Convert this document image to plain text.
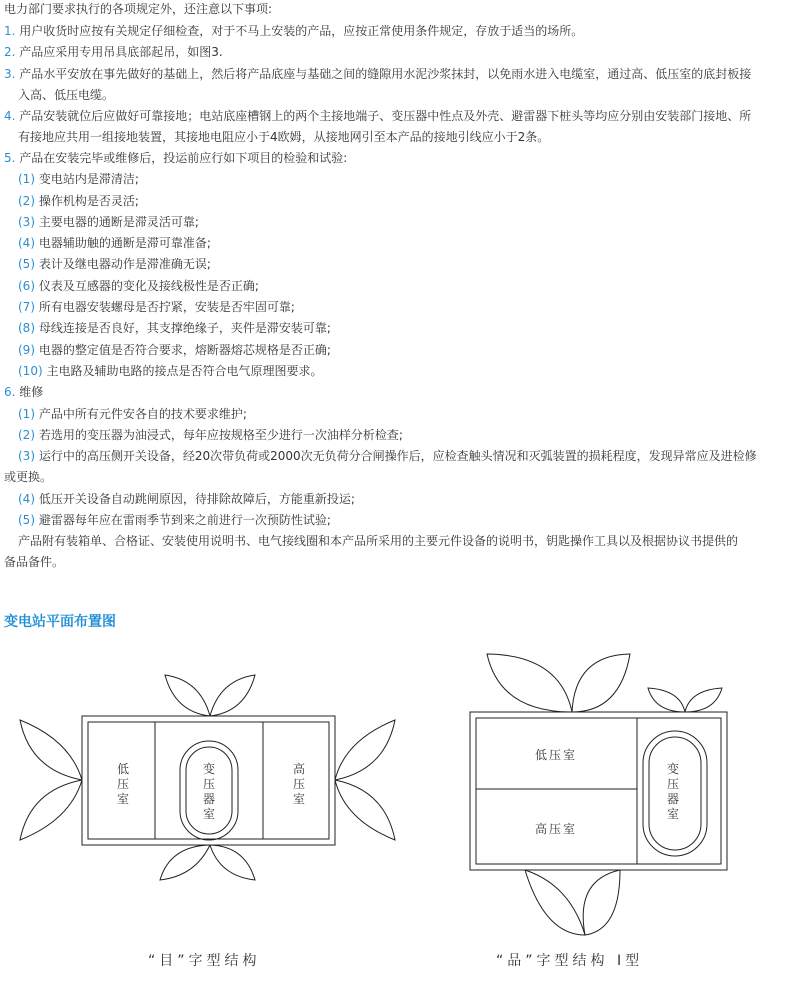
电力部门要求执行的各项规定外，还注意以下事项:
1. 用户收货时应按有关规定仔细检查，对于不马上安装的产品，应按正常使用条件规定，存放于适当的场所。
2. 产品应采用专用吊具底部起吊，如图3.
3. 产品水平安放在事先做好的基础上，然后将产品底座与基础之间的缝隙用水泥沙浆抹封，以免雨水进入电缆室，通过高、低压室的底封板接
入高、低压电缆。
4. 产品安装就位后应做好可靠接地；电站底座槽钢上的两个主接地端子、变压器中性点及外壳、避雷器下桩头等均应分别由安装部门接地、所
有接地应共用一组接地装置，其接地电阻应小于4欧姆，从接地网引至本产品的接地引线应小于2条。
5. 产品在安装完毕或维修后，投运前应行如下项目的检验和试验:
(1) 变电站内是滞清洁;
(2) 操作机构是否灵活;
(3) 主要电器的通断是滞灵活可靠;
(4) 电器辅助触的通断是滞可靠准备;
(5) 表计及继电器动作是滞准确无误;
(6) 仪表及互感器的变化及接线极性是否正确;
(7) 所有电器安装螺母是否拧紧，安装是否牢固可靠;
(8) 母线连接是否良好，其支撑绝缘子，夹件是滞安装可靠;
(9) 电器的整定值是否符合要求，熔断器熔芯规格是否正确;
(10) 主电路及辅助电路的接点是否符合电气原理图要求。
6. 维修
(1) 产品中所有元件安各自的技术要求维护;
(2) 若选用的变压器为油浸式，每年应按规格至少进行一次油样分析检查;
(3) 运行中的高压侧开关设备，经20次带负荷或2000次无负荷分合闸操作后，应检查触头情况和灭弧装置的损耗程度，发现异常应及进检修
或更换。
(4) 低压开关设备自动跳闸原因，待排除故障后，方能重新投运;
(5) 避雷器每年应在雷雨季节到来之前进行一次预防性试验;
产品附有装箱单、合格证、安装使用说明书、电气接线圈和本产品所采用的主要元件设备的说明书，钥匙操作工具以及根据协议书提供的
备品备件。
变电站平面布置图
低压室
变压器室
高压室
低压室
高压室
变压器室
“目”字型结构	“品”字型结构 Ⅰ型
